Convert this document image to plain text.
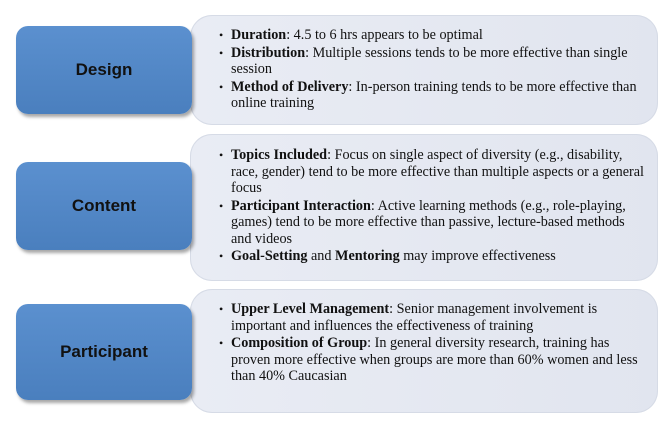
Design
• Duration: 4.5 to 6 hrs appears to be optimal
• Distribution: Multiple sessions tends to be more effective than single session
• Method of Delivery: In-person training tends to be more effective than online training
Content
• Topics Included: Focus on single aspect of diversity (e.g., disability, race, gender) tend to be more effective than multiple aspects or a general focus
• Participant Interaction: Active learning methods (e.g., role-playing, games) tend to be more effective than passive, lecture-based methods and videos
• Goal-Setting and Mentoring may improve effectiveness
Participant
• Upper Level Management: Senior management involvement is important and influences the effectiveness of training
• Composition of Group: In general diversity research, training has proven more effective when groups are more than 60% women and less than 40% Caucasian
